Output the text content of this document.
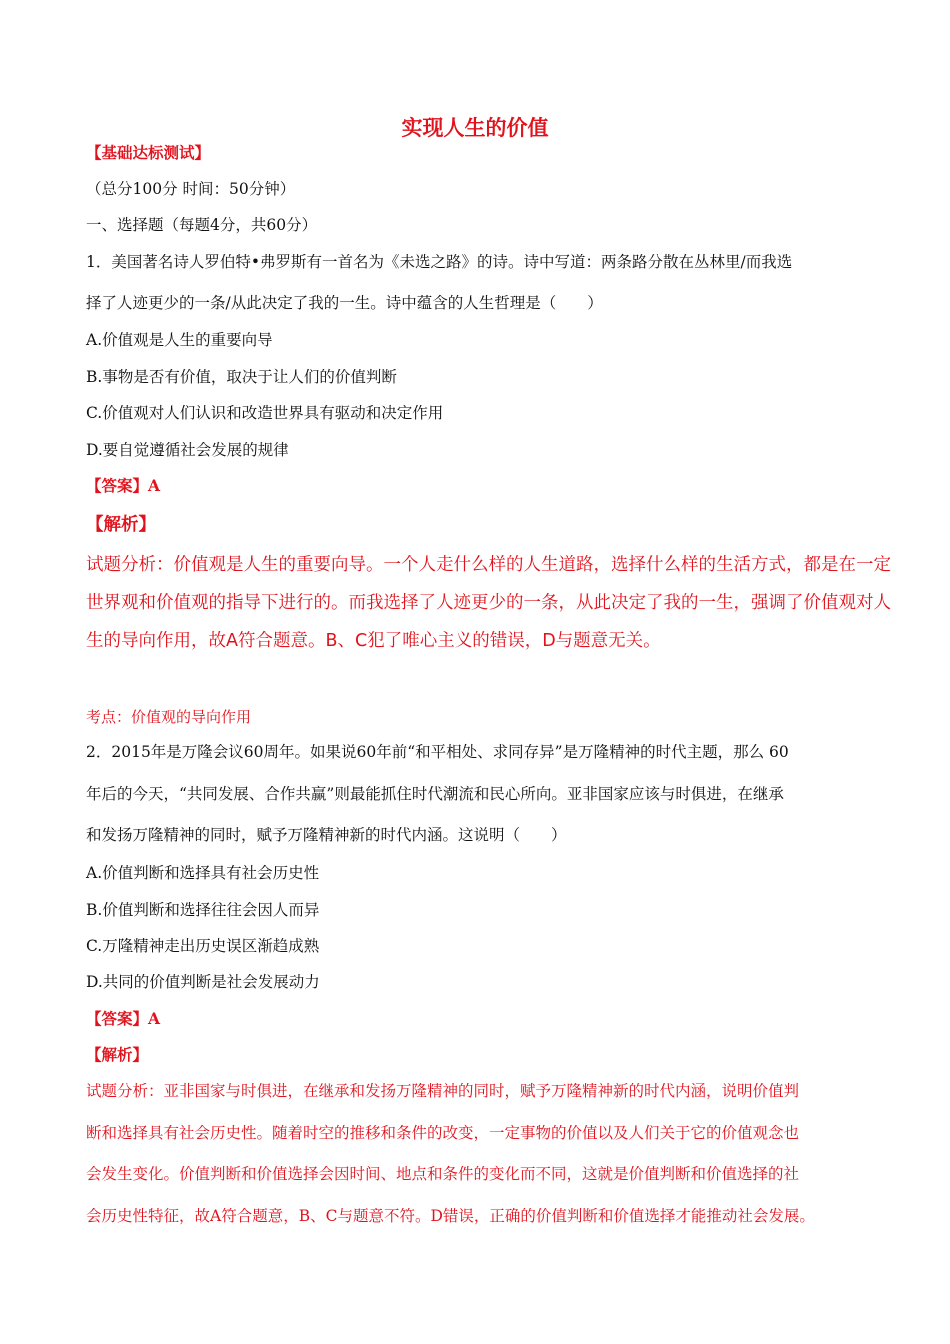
实现人生的价值
【基础达标测试】
（总分100分 时间：50分钟）
一、选择题（每题4分，共60分）
1．美国著名诗人罗伯特•弗罗斯有一首名为《未选之路》的诗。诗中写道：两条路分散在丛林里/而我选
择了人迹更少的一条/从此决定了我的一生。诗中蕴含的人生哲理是（　　）
A.价值观是人生的重要向导
B.事物是否有价值，取决于让人们的价值判断
C.价值观对人们认识和改造世界具有驱动和决定作用
D.要自觉遵循社会发展的规律
【答案】A
【解析】
试题分析：价值观是人生的重要向导。一个人走什么样的人生道路，选择什么样的生活方式，都是在一定
世界观和价值观的指导下进行的。而我选择了人迹更少的一条，从此决定了我的一生，强调了价值观对人
生的导向作用，故A符合题意。B、C犯了唯心主义的错误，D与题意无关。
考点：价值观的导向作用
2．2015年是万隆会议60周年。如果说60年前“和平相处、求同存异”是万隆精神的时代主题，那么 60
年后的今天，“共同发展、合作共赢”则最能抓住时代潮流和民心所向。亚非国家应该与时俱进，在继承
和发扬万隆精神的同时，赋予万隆精神新的时代内涵。这说明（　　）
A.价值判断和选择具有社会历史性
B.价值判断和选择往往会因人而异
C.万隆精神走出历史误区渐趋成熟
D.共同的价值判断是社会发展动力
【答案】A
【解析】
试题分析：亚非国家与时俱进，在继承和发扬万隆精神的同时，赋予万隆精神新的时代内涵，说明价值判
断和选择具有社会历史性。随着时空的推移和条件的改变，一定事物的价值以及人们关于它的价值观念也
会发生变化。价值判断和价值选择会因时间、地点和条件的变化而不同，这就是价值判断和价值选择的社
会历史性特征，故A符合题意，B、C与题意不符。D错误，正确的价值判断和价值选择才能推动社会发展。
